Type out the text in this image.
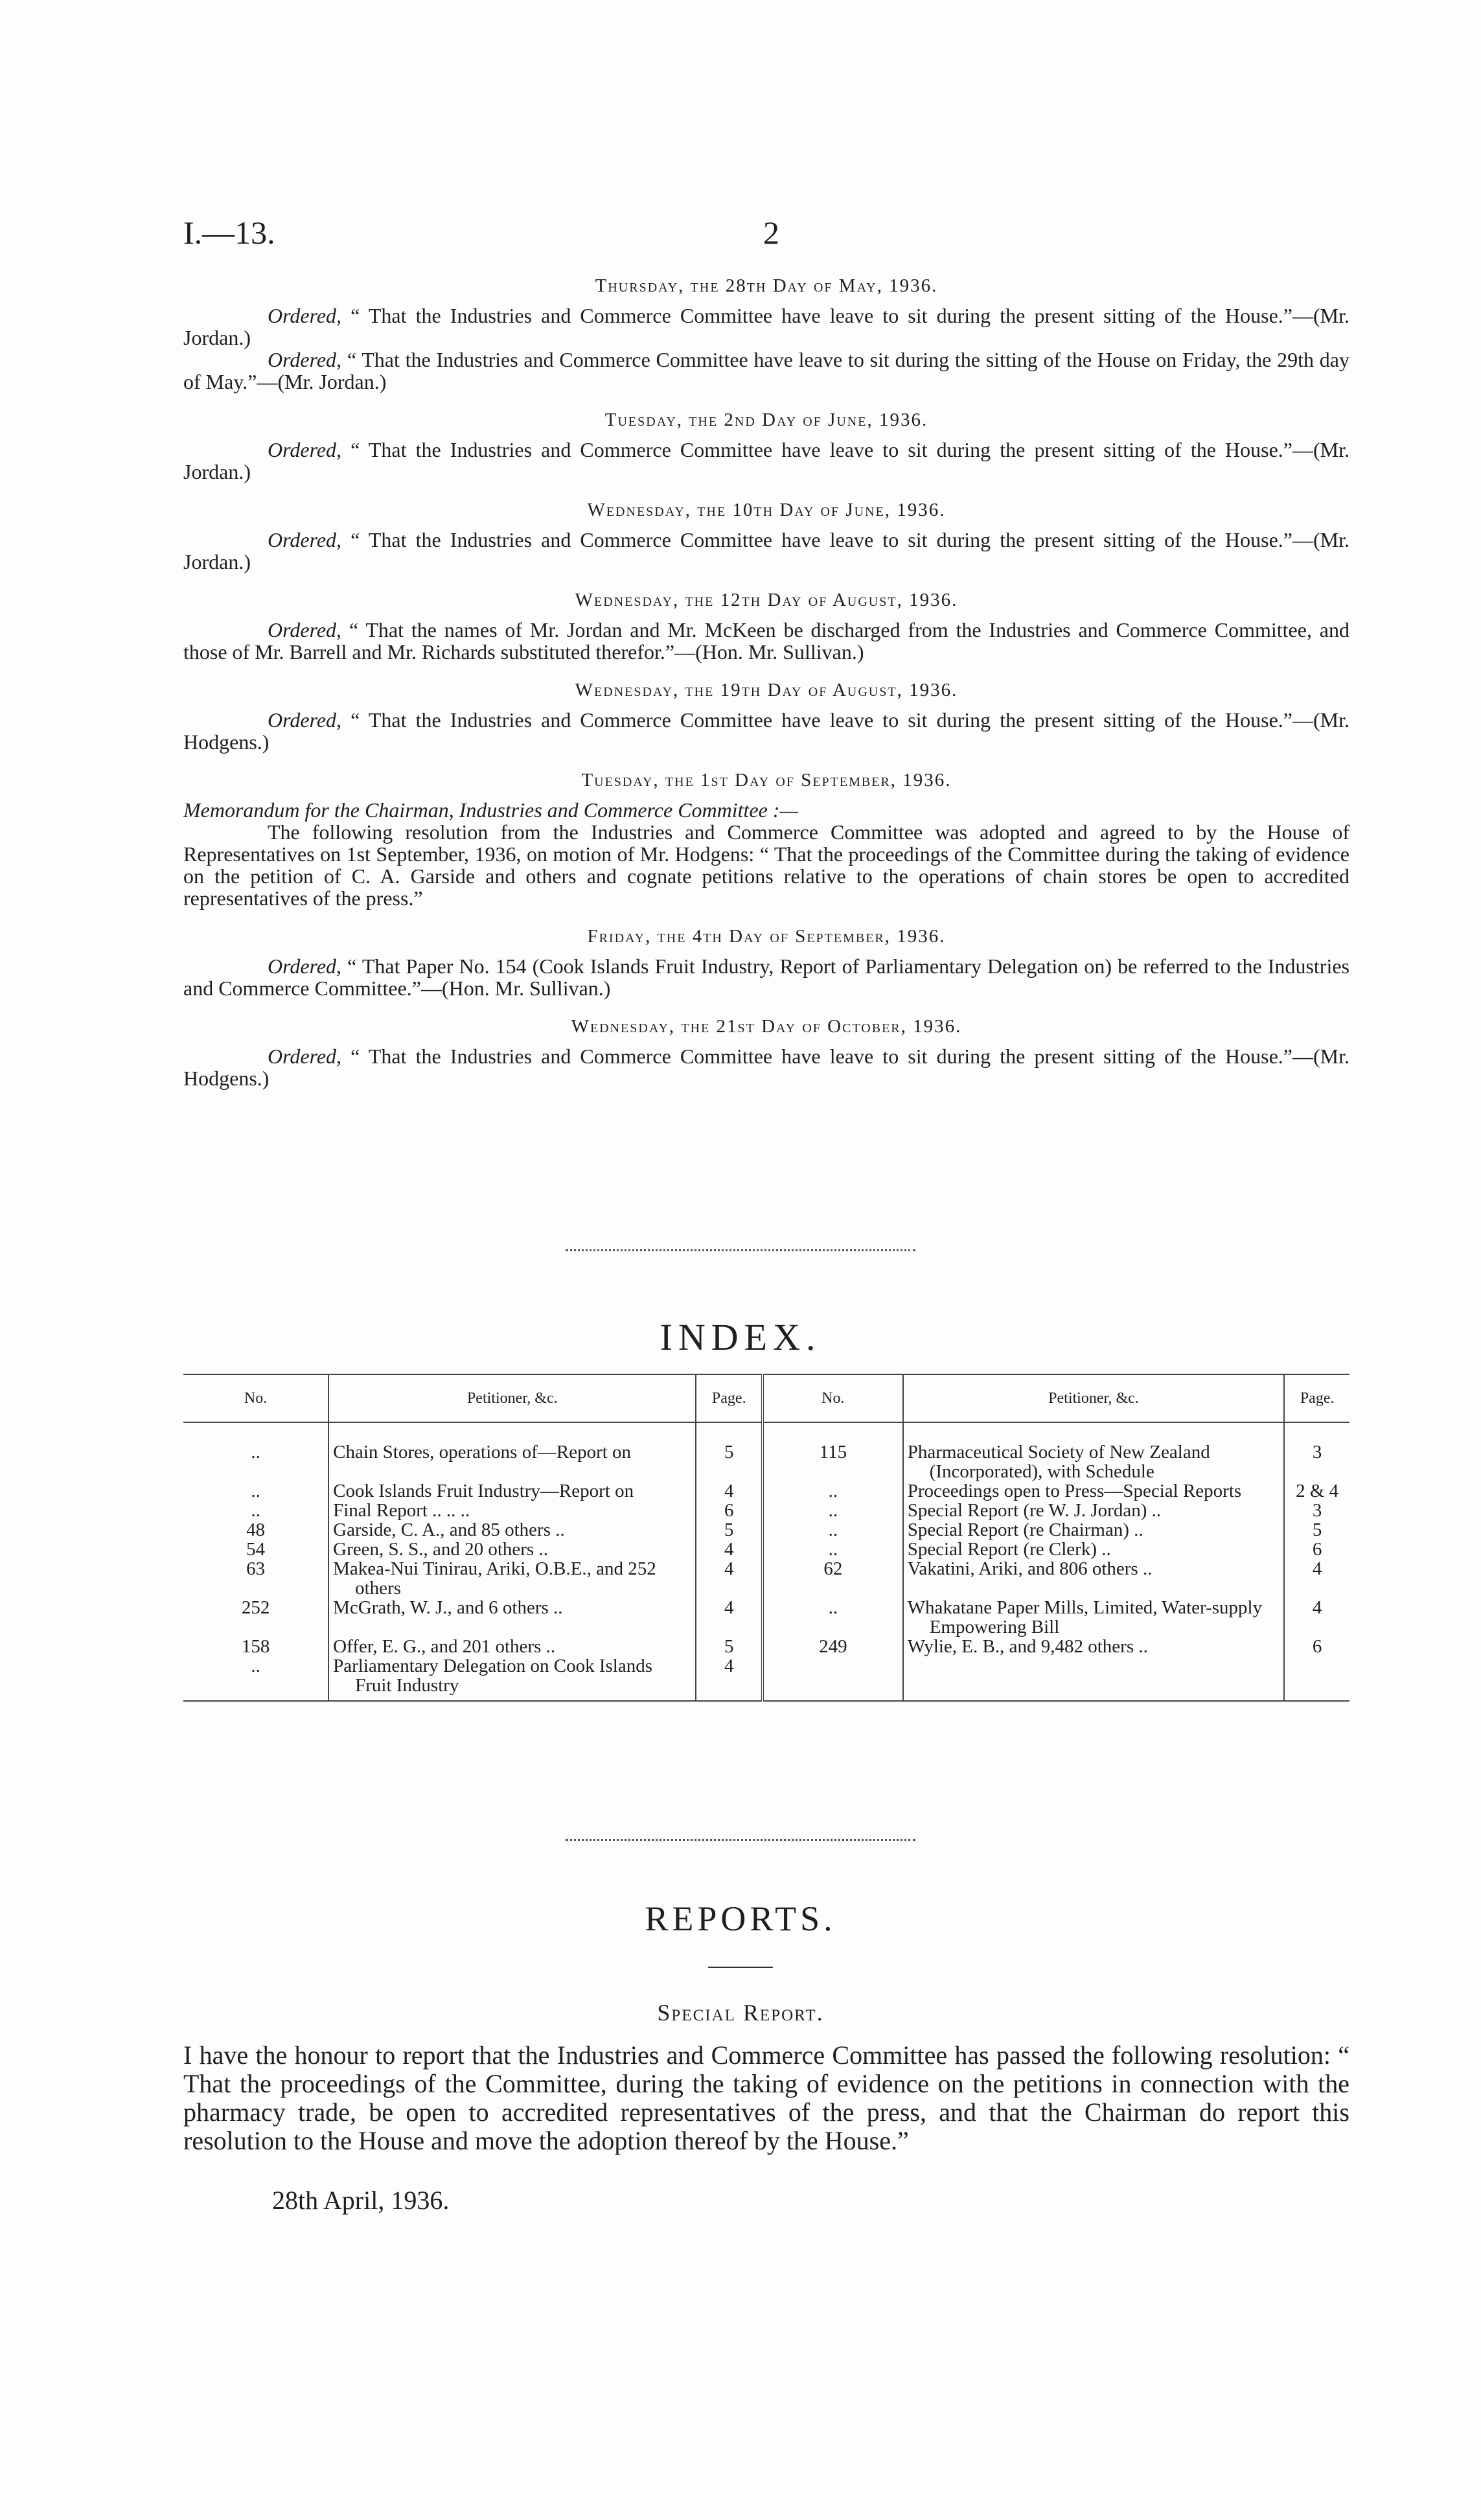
I.—13.	2
Thursday, the 28th Day of May, 1936.
Ordered, “ That the Industries and Commerce Committee have leave to sit during the present sitting of the House.”—(Mr. Jordan.)
Ordered, “ That the Industries and Commerce Committee have leave to sit during the sitting of the House on Friday, the 29th day of May.”—(Mr. Jordan.)
Tuesday, the 2nd Day of June, 1936.
Ordered, “ That the Industries and Commerce Committee have leave to sit during the present sitting of the House.”—(Mr. Jordan.)
Wednesday, the 10th Day of June, 1936.
Ordered, “ That the Industries and Commerce Committee have leave to sit during the present sitting of the House.”—(Mr. Jordan.)
Wednesday, the 12th Day of August, 1936.
Ordered, “ That the names of Mr. Jordan and Mr. McKeen be discharged from the Industries and Commerce Committee, and those of Mr. Barrell and Mr. Richards substituted therefor.”—(Hon. Mr. Sullivan.)
Wednesday, the 19th Day of August, 1936.
Ordered, “ That the Industries and Commerce Committee have leave to sit during the present sitting of the House.”—(Mr. Hodgens.)
Tuesday, the 1st Day of September, 1936.
Memorandum for the Chairman, Industries and Commerce Committee :—
The following resolution from the Industries and Commerce Committee was adopted and agreed to by the House of Representatives on 1st September, 1936, on motion of Mr. Hodgens: “ That the proceedings of the Committee during the taking of evidence on the petition of C. A. Garside and others and cognate petitions relative to the operations of chain stores be open to accredited representatives of the press.”
Friday, the 4th Day of September, 1936.
Ordered, “ That Paper No. 154 (Cook Islands Fruit Industry, Report of Parliamentary Delegation on) be referred to the Industries and Commerce Committee.”—(Hon. Mr. Sullivan.)
Wednesday, the 21st Day of October, 1936.
Ordered, “ That the Industries and Commerce Committee have leave to sit during the present sitting of the House.”—(Mr. Hodgens.)
INDEX.
No.	Petitioner, &c.	Page.	No.	Petitioner, &c.	Page.
..	Chain Stores, operations of—Report on	5	115	Pharmaceutical Society of New Zealand (Incorporated), with Schedule	3
..	Cook Islands Fruit Industry—Report on	4	..	Proceedings open to Press—Special Reports	2 & 4
..	Final Report .. .. ..	6	..	Special Report (re W. J. Jordan) ..	3
48	Garside, C. A., and 85 others ..	5	..	Special Report (re Chairman) ..	5
54	Green, S. S., and 20 others ..	4	..	Special Report (re Clerk) ..	6
63	Makea-Nui Tinirau, Ariki, O.B.E., and 252 others	4	62	Vakatini, Ariki, and 806 others ..	4
252	McGrath, W. J., and 6 others ..	4	..	Whakatane Paper Mills, Limited, Water-supply Empowering Bill	4
158	Offer, E. G., and 201 others ..	5	249	Wylie, E. B., and 9,482 others ..	6
..	Parliamentary Delegation on Cook Islands Fruit Industry	4			
REPORTS.
Special Report.
I have the honour to report that the Industries and Commerce Committee has passed the following resolution: “ That the proceedings of the Committee, during the taking of evidence on the petitions in connection with the pharmacy trade, be open to accredited representatives of the press, and that the Chairman do report this resolution to the House and move the adoption thereof by the House.”
28th April, 1936.
